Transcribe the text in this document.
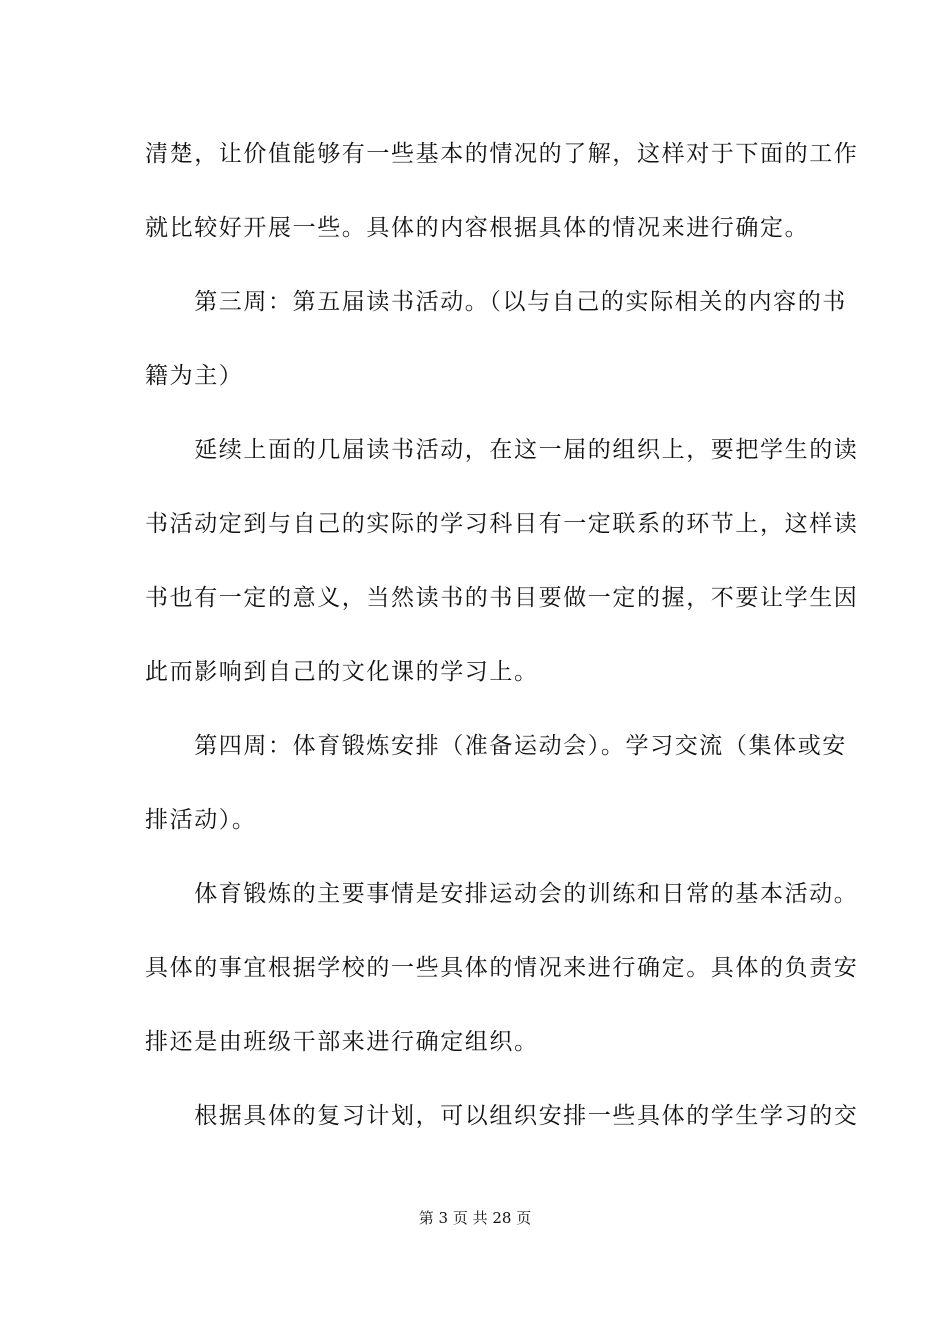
清楚，让价值能够有一些基本的情况的了解，这样对于下面的工作
就比较好开展一些。具体的内容根据具体的情况来进行确定。
　　第三周：第五届读书活动。（以与自己的实际相关的内容的书
籍为主）
　　延续上面的几届读书活动，在这一届的组织上，要把学生的读
书活动定到与自己的实际的学习科目有一定联系的环节上，这样读
书也有一定的意义，当然读书的书目要做一定的握，不要让学生因
此而影响到自己的文化课的学习上。
　　第四周：体育锻炼安排（准备运动会）。学习交流（集体或安
排活动）。
　　体育锻炼的主要事情是安排运动会的训练和日常的基本活动。
具体的事宜根据学校的一些具体的情况来进行确定。具体的负责安
排还是由班级干部来进行确定组织。
　　根据具体的复习计划，可以组织安排一些具体的学生学习的交
第 3 页 共 28 页
